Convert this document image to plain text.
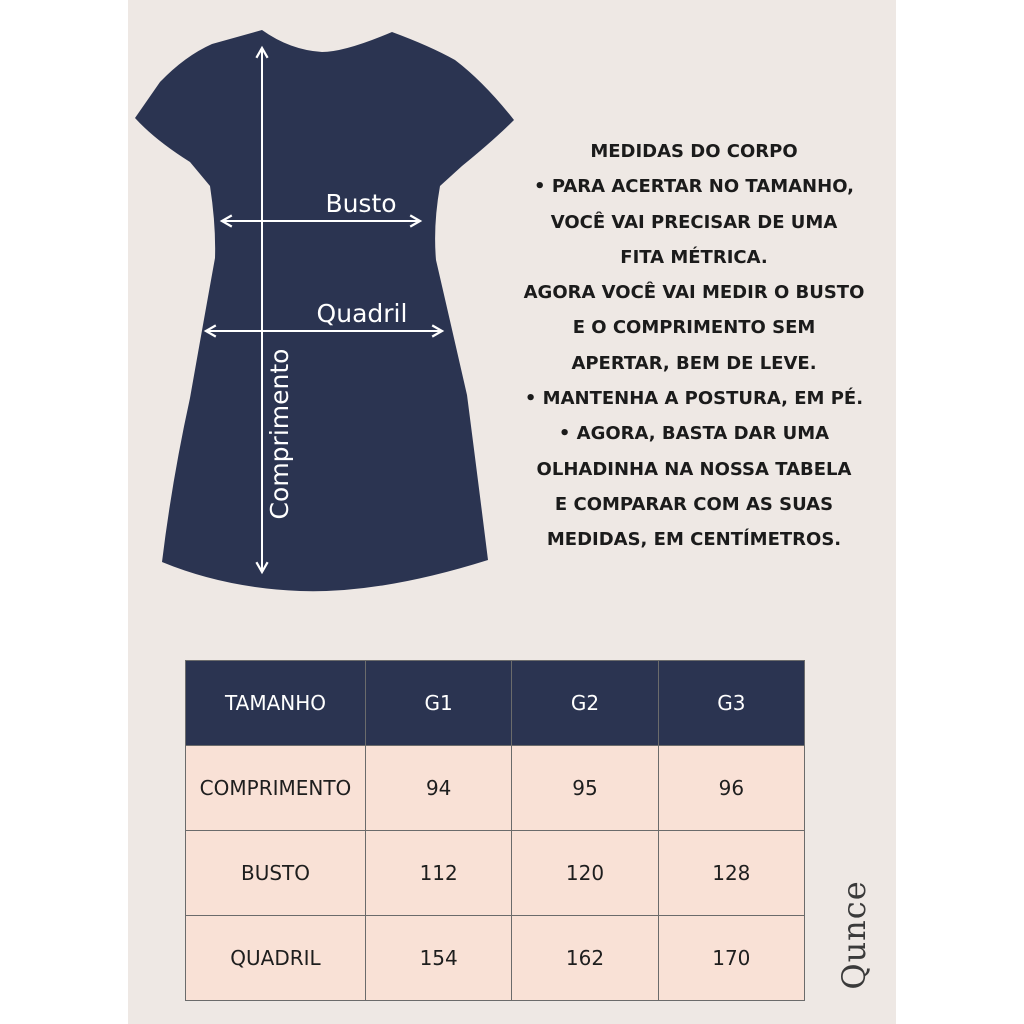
Busto
Quadril
Comprimento
MEDIDAS DO CORPO
• PARA ACERTAR NO TAMANHO,
VOCÊ VAI PRECISAR DE UMA
FITA MÉTRICA.
AGORA VOCÊ VAI MEDIR O BUSTO
E O COMPRIMENTO SEM
APERTAR, BEM DE LEVE.
• MANTENHA A POSTURA, EM PÉ.
• AGORA, BASTA DAR UMA
OLHADINHA NA NOSSA TABELA
E COMPARAR COM AS SUAS
MEDIDAS, EM CENTÍMETROS.
TAMANHO	G1	G2	G3
COMPRIMENTO	94	95	96
BUSTO	112	120	128
QUADRIL	154	162	170	Qunce
